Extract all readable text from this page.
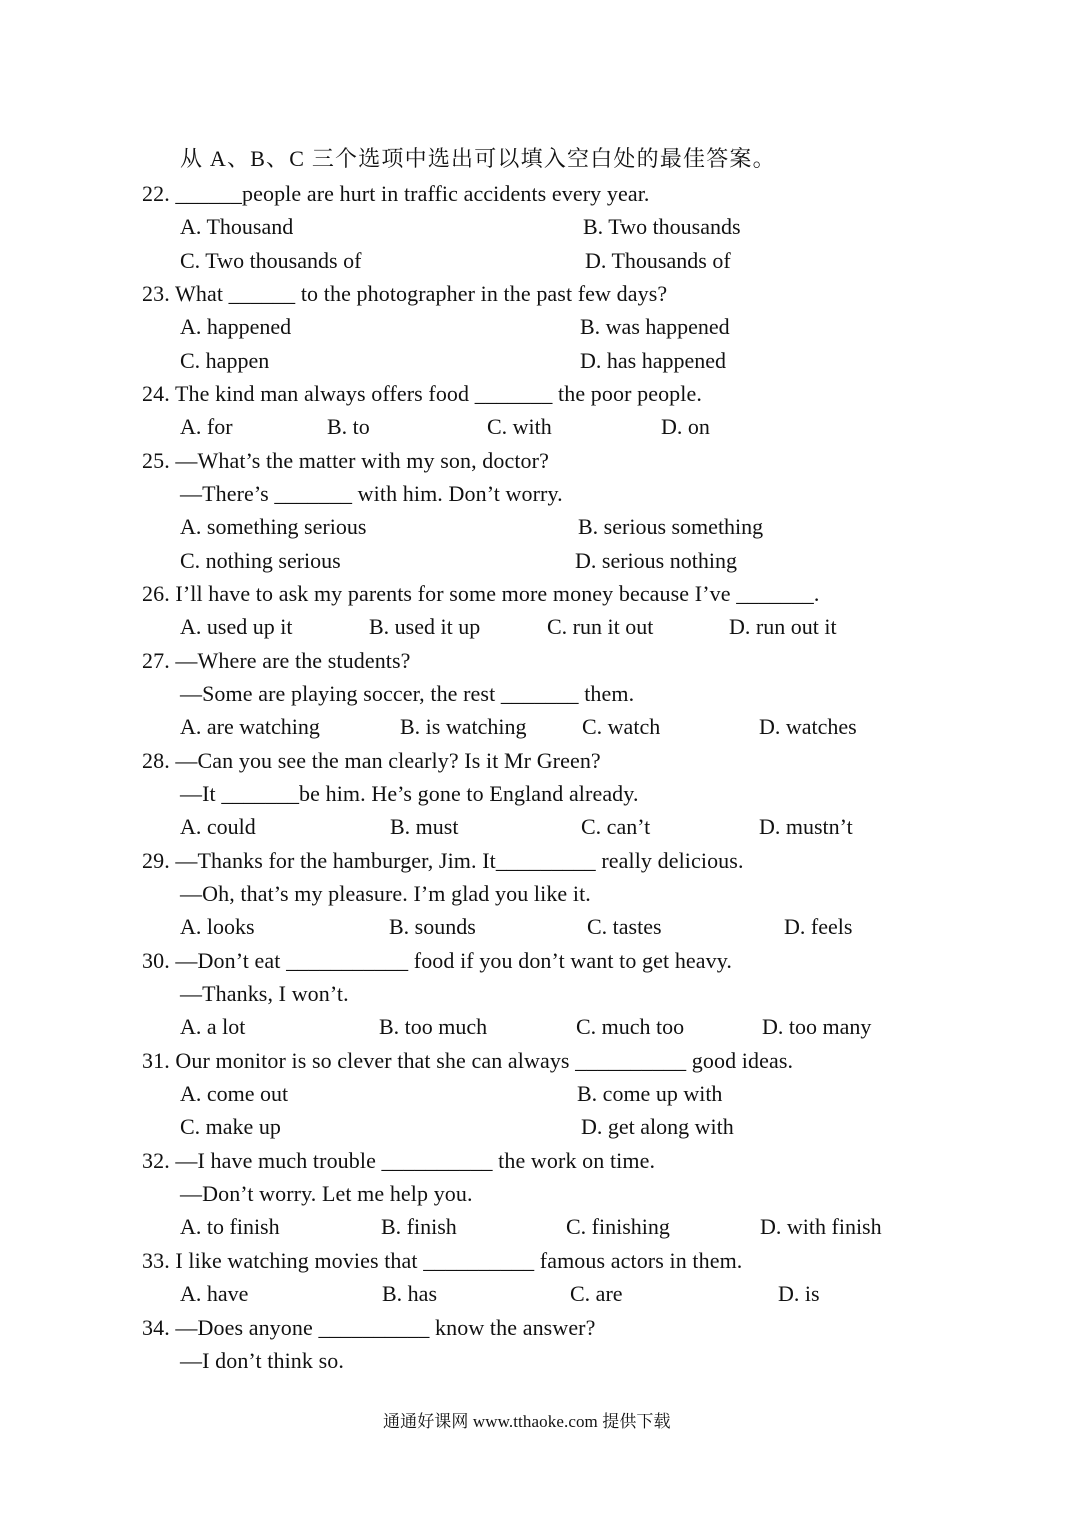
从 A、B、C 三个选项中选出可以填入空白处的最佳答案。
22. ______people are hurt in traffic accidents every year.
A. Thousand	B. Two thousands
C. Two thousands of	D. Thousands of
23. What ______ to the photographer in the past few days?
A. happened	B. was happened
C. happen	D. has happened
24. The kind man always offers food _______ the poor people.
A. for	B. to	C. with	D. on
25. —What’s the matter with my son, doctor?
—There’s _______ with him. Don’t worry.
A. something serious	B. serious something
C. nothing serious	D. serious nothing
26. I’ll have to ask my parents for some more money because I’ve _______.
A. used up it	B. used it up	C. run it out	D. run out it
27. —Where are the students?
—Some are playing soccer, the rest _______ them.
A. are watching	B. is watching	C. watch	D. watches
28. —Can you see the man clearly? Is it Mr Green?
—It _______be him. He’s gone to England already.
A. could	B. must	C. can’t	D. mustn’t
29. —Thanks for the hamburger, Jim. It_________ really delicious.
—Oh, that’s my pleasure. I’m glad you like it.
A. looks	B. sounds	C. tastes	D. feels
30. —Don’t eat ___________ food if you don’t want to get heavy.
—Thanks, I won’t.
A. a lot	B. too much	C. much too	D. too many
31. Our monitor is so clever that she can always __________ good ideas.
A. come out	B. come up with
C. make up	D. get along with
32. —I have much trouble __________ the work on time.
—Don’t worry. Let me help you.
A. to finish	B. finish	C. finishing	D. with finish
33. I like watching movies that __________ famous actors in them.
A. have	B. has	C. are	D. is
34. —Does anyone __________ know the answer?
—I don’t think so.
通通好课网 www.tthaoke.com 提供下载
